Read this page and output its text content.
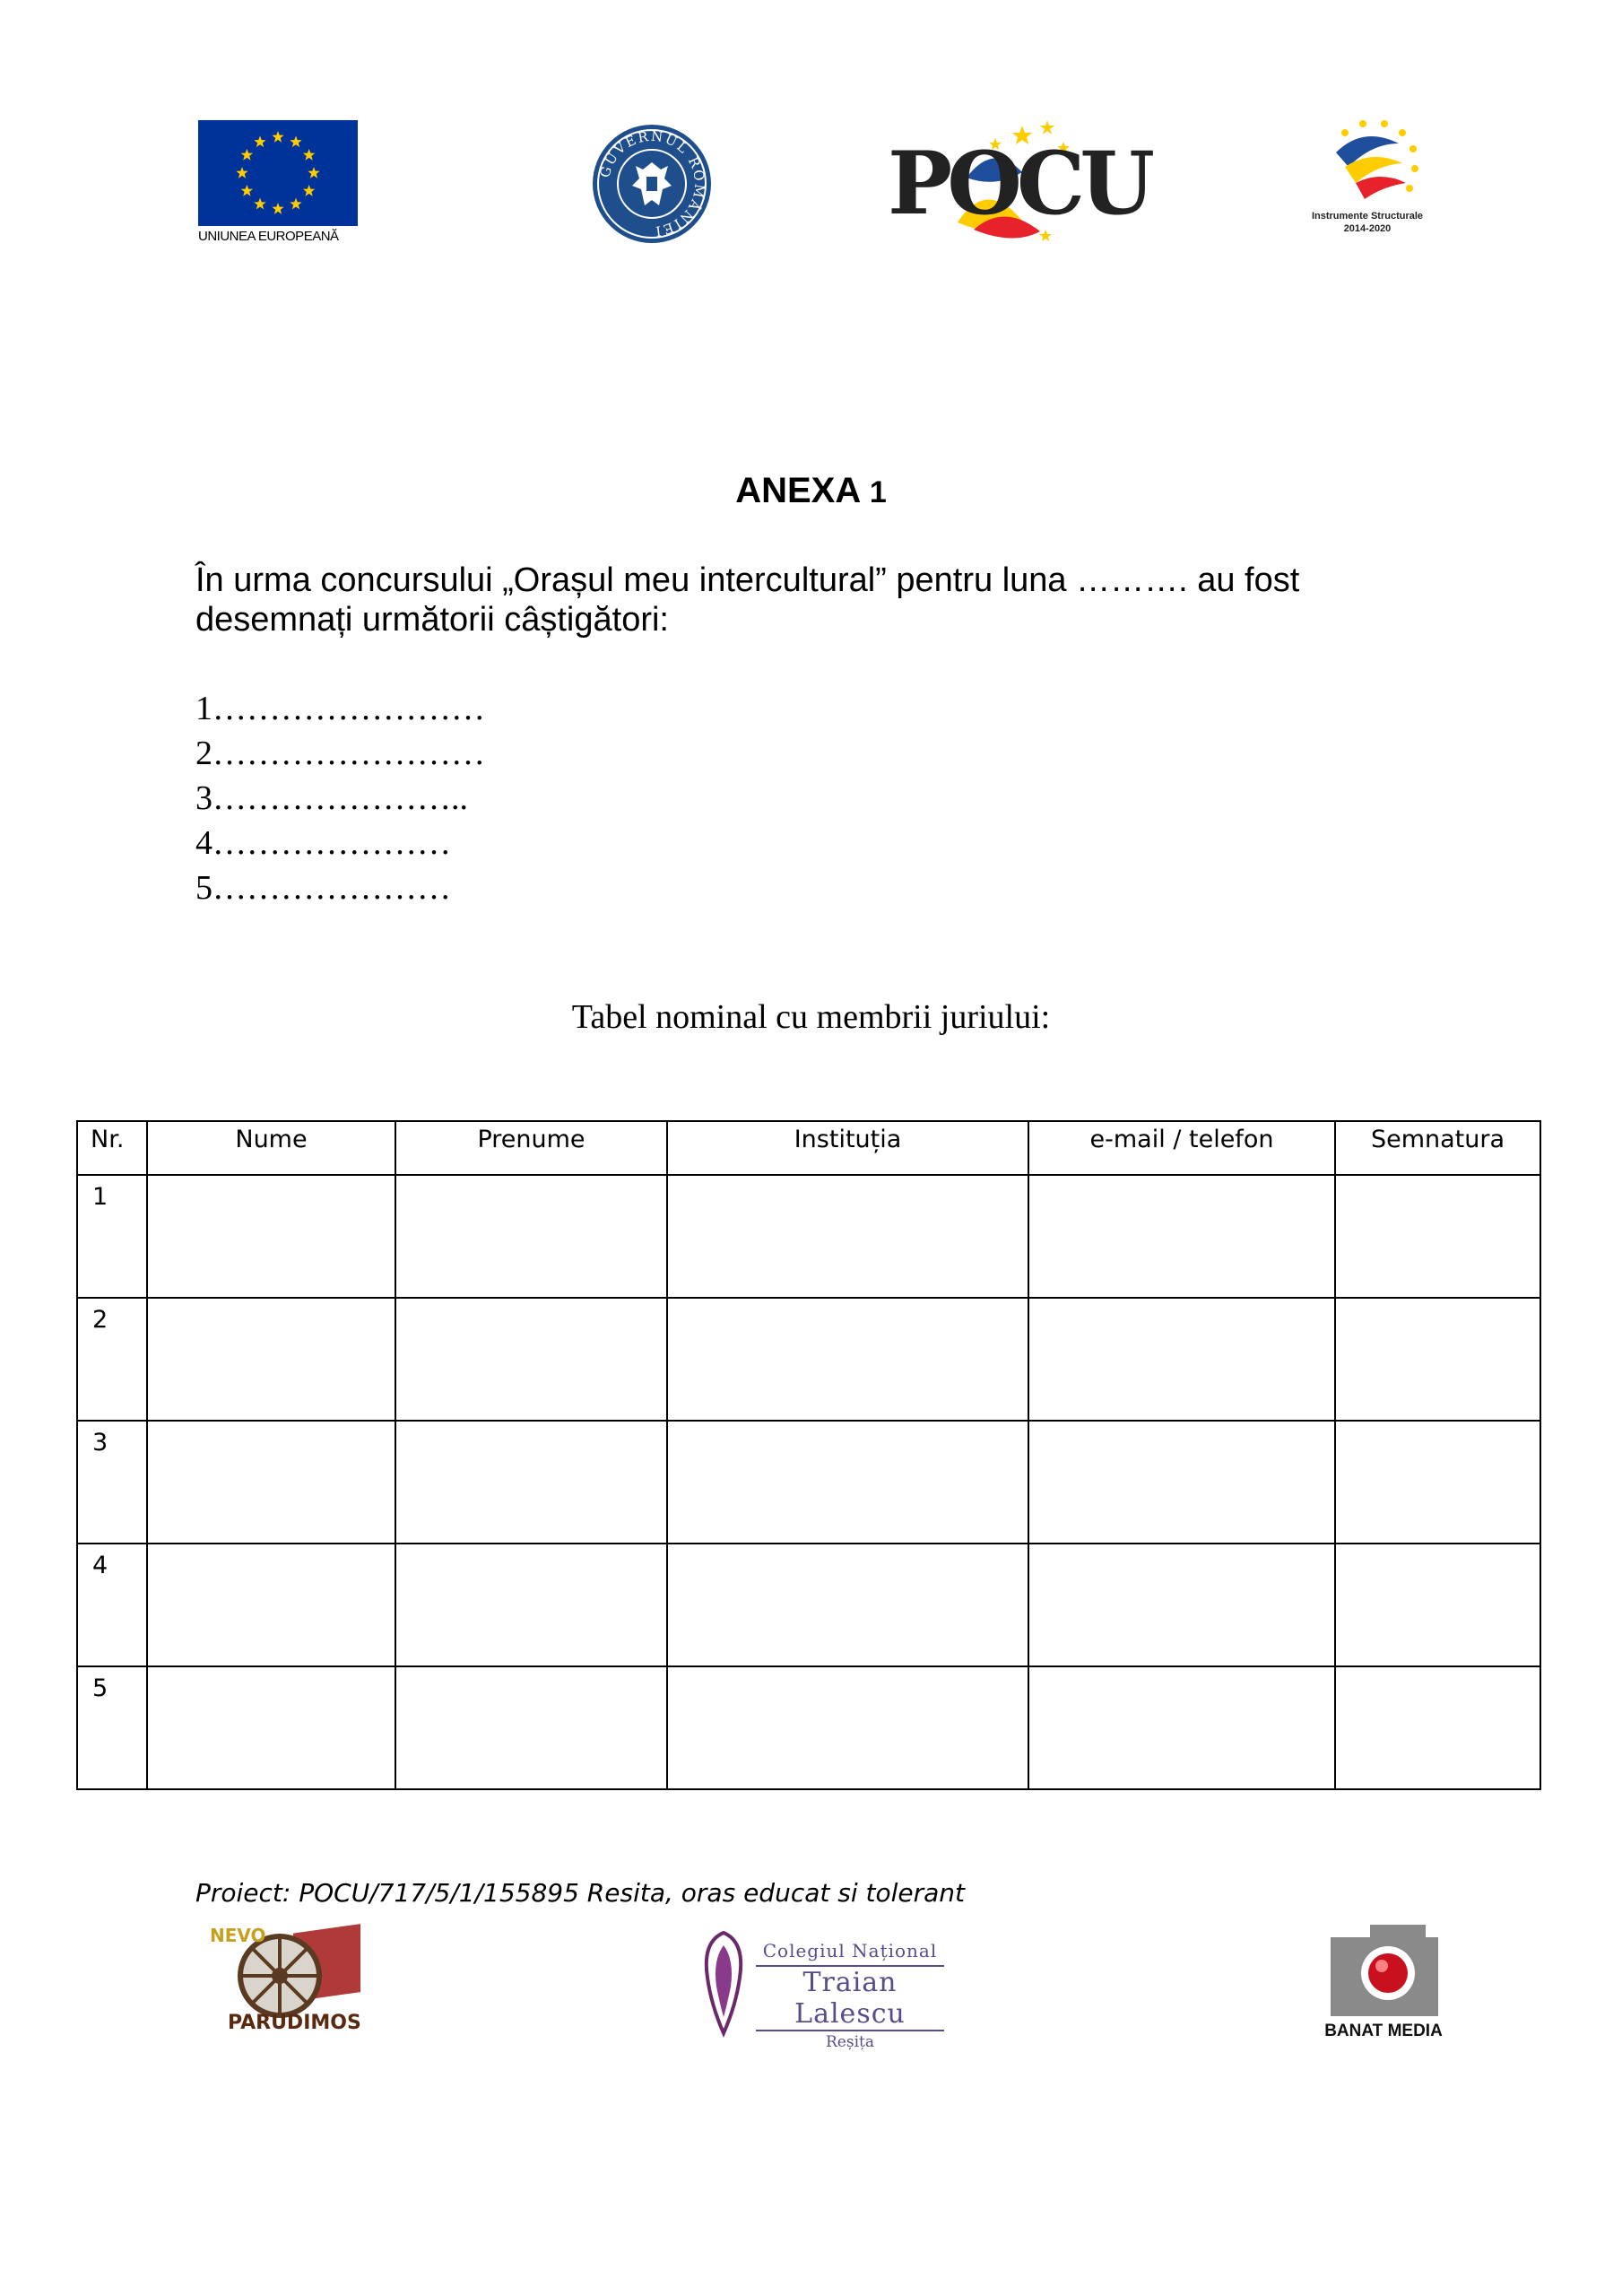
UNIUNEA EUROPEANĂ
GUVERNUL ROMÂNIEI	POCU	Instrumente Structurale
2014-2020
ANEXA 1
În urma concursului „Orașul meu intercultural” pentru luna ………. au fost desemnați următorii câștigători:
1……………………
2……………………
3…………………..
4…………………
5…………………
Tabel nominal cu membrii juriului:
Nr.	Nume	Prenume	Instituția	e-mail / telefon	Semnatura
1					
2					
3					
4					
5					
Proiect: POCU/717/5/1/155895 Resita, oras educat si tolerant
NEVO
PARUDIMOS
Colegiul Național
Traian Lalescu
Reșița
BANAT MEDIA
